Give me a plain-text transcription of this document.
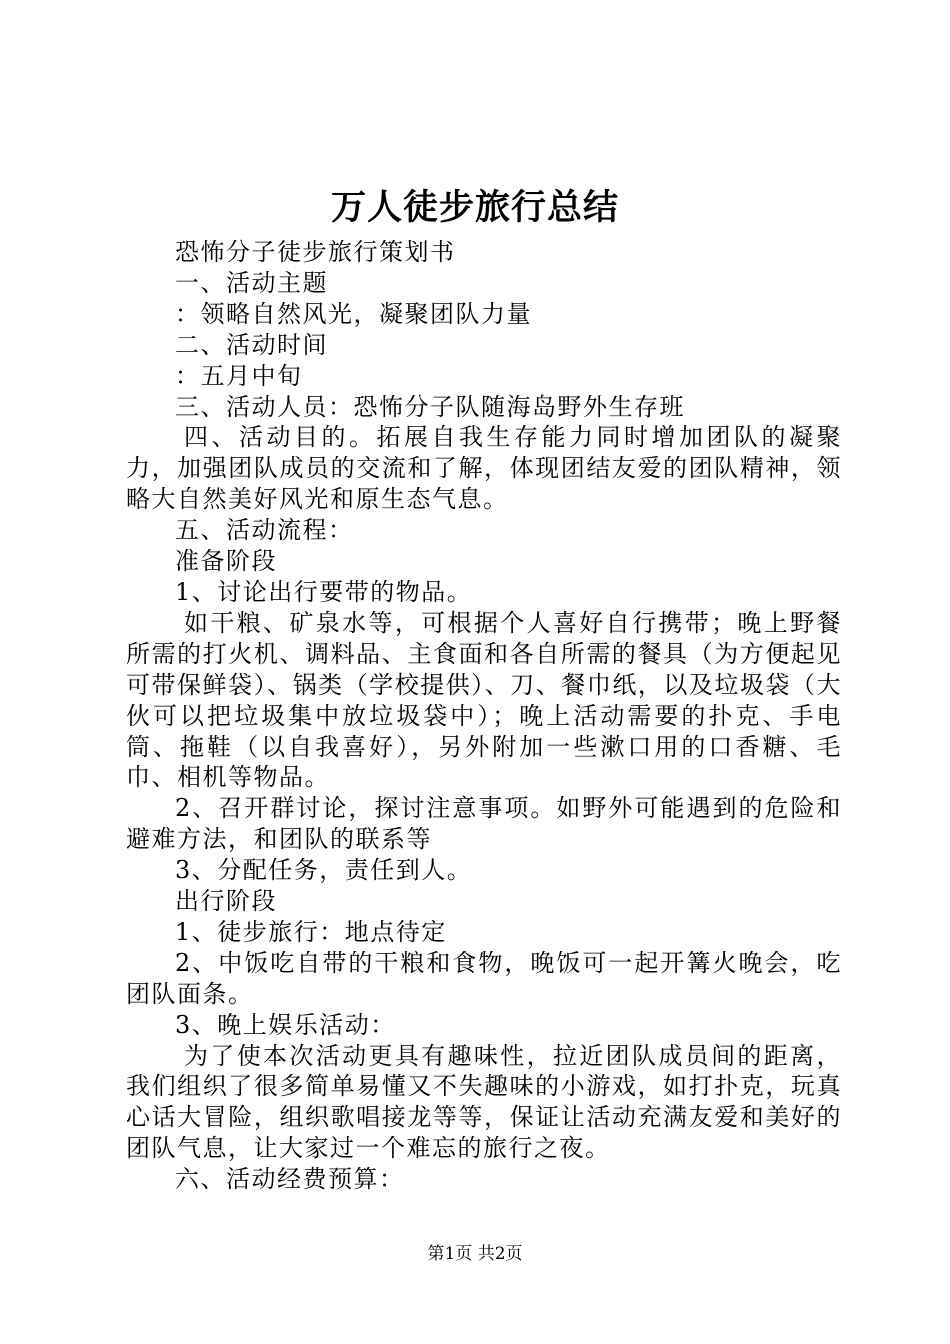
万人徒步旅行总结

恐怖分子徒步旅行策划书

一、活动主题

：领略自然风光，凝聚团队力量

二、活动时间

：五月中旬

三、活动人员：恐怖分子队随海岛野外生存班

四、活动目的。拓展自我生存能力同时增加团队的凝聚力，加强团队成员的交流和了解，体现团结友爱的团队精神，领略大自然美好风光和原生态气息。

五、活动流程：

准备阶段

1、讨论出行要带的物品。

如干粮、矿泉水等，可根据个人喜好自行携带；晚上野餐所需的打火机、调料品、主食面和各自所需的餐具（为方便起见可带保鲜袋）、锅类（学校提供）、刀、餐巾纸，以及垃圾袋（大伙可以把垃圾集中放垃圾袋中）；晚上活动需要的扑克、手电筒、拖鞋（以自我喜好），另外附加一些漱口用的口香糖、毛巾、相机等物品。

2、召开群讨论，探讨注意事项。如野外可能遇到的危险和避难方法，和团队的联系等

3、分配任务，责任到人。

出行阶段

1、徒步旅行：地点待定

2、中饭吃自带的干粮和食物，晚饭可一起开篝火晚会，吃团队面条。

3、晚上娱乐活动：

为了使本次活动更具有趣味性，拉近团队成员间的距离，我们组织了很多简单易懂又不失趣味的小游戏，如打扑克，玩真心话大冒险，组织歌唱接龙等等，保证让活动充满友爱和美好的团队气息，让大家过一个难忘的旅行之夜。

六、活动经费预算：

第1页 共2页
